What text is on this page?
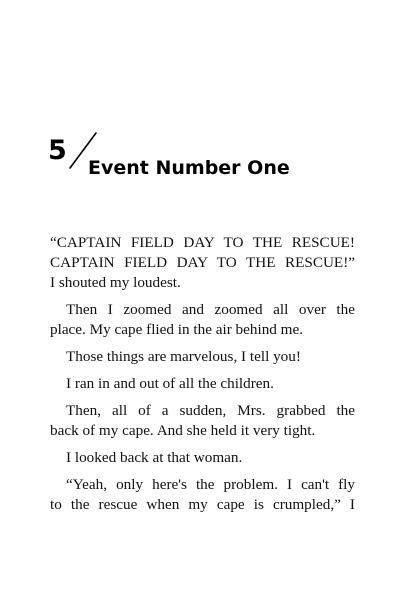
5
Event Number One

“CAPTAIN FIELD DAY TO THE RESCUE!
CAPTAIN FIELD DAY TO THE RESCUE!”
I shouted my loudest.

Then I zoomed and zoomed all over the
place. My cape flied in the air behind me.

Those things are marvelous, I tell you!

I ran in and out of all the children.

Then, all of a sudden, Mrs. grabbed the
back of my cape. And she held it very tight.

I looked back at that woman.

“Yeah, only here's the problem. I can't fly
to the rescue when my cape is crumpled,” I
